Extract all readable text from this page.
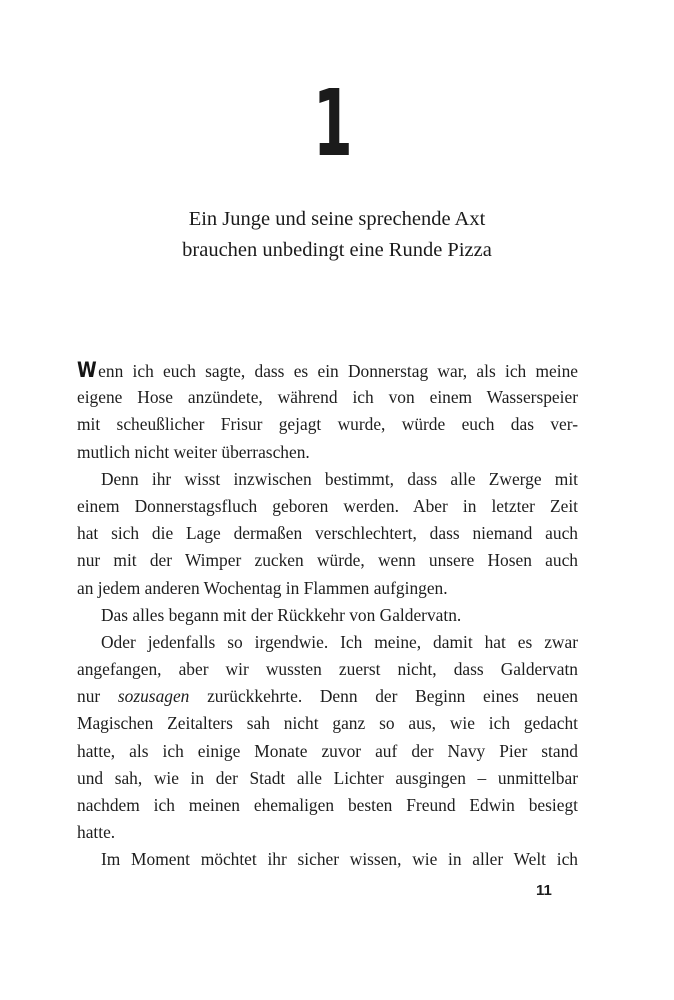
1
Ein Junge und seine sprechende Axt
brauchen unbedingt eine Runde Pizza
Wenn ich euch sagte, dass es ein Donnerstag war, als ich meine
eigene Hose anzündete, während ich von einem Wasserspeier
mit scheußlicher Frisur gejagt wurde, würde euch das ver-
mutlich nicht weiter überraschen.
Denn ihr wisst inzwischen bestimmt, dass alle Zwerge mit
einem Donnerstagsfluch geboren werden. Aber in letzter Zeit
hat sich die Lage dermaßen verschlechtert, dass niemand auch
nur mit der Wimper zucken würde, wenn unsere Hosen auch
an jedem anderen Wochentag in Flammen aufgingen.
Das alles begann mit der Rückkehr von Galdervatn.
Oder jedenfalls so irgendwie. Ich meine, damit hat es zwar
angefangen, aber wir wussten zuerst nicht, dass Galdervatn
nur sozusagen zurückkehrte. Denn der Beginn eines neuen
Magischen Zeitalters sah nicht ganz so aus, wie ich gedacht
hatte, als ich einige Monate zuvor auf der Navy Pier stand
und sah, wie in der Stadt alle Lichter ausgingen – unmittelbar
nachdem ich meinen ehemaligen besten Freund Edwin besiegt
hatte.
Im Moment möchtet ihr sicher wissen, wie in aller Welt ich
11
